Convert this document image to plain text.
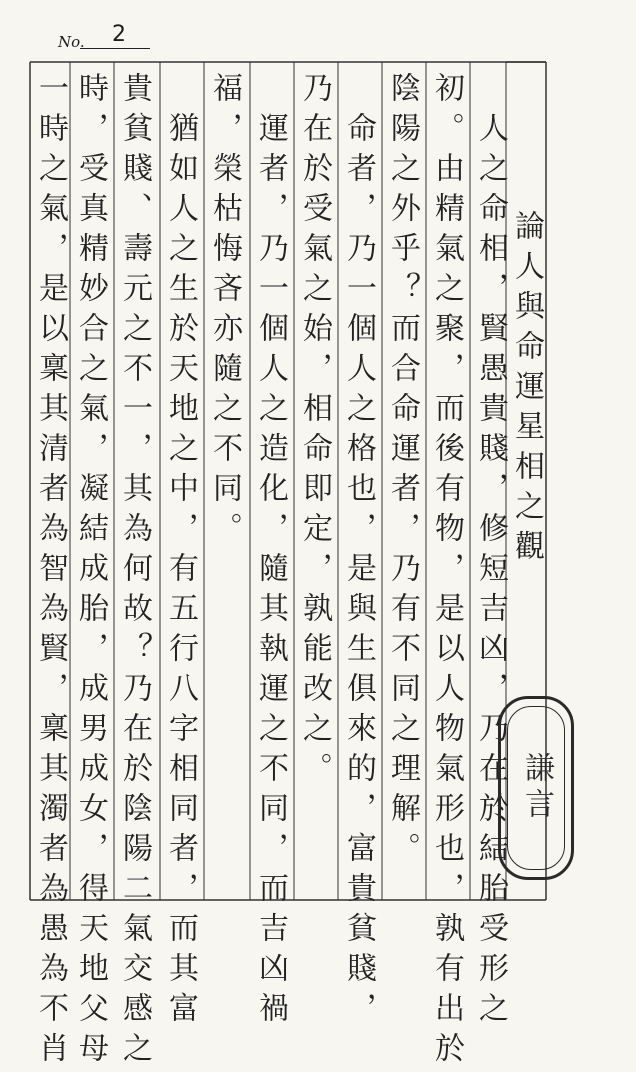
No. 2
論人與命運星相之觀
　人之命相，賢愚貴賤，修短吉凶，乃在於結胎受形之
初。由精氣之聚，而後有物，是以人物氣形也，孰有出於
陰陽之外乎？而合命運者，乃有不同之理解。
　命者，乃一個人之格也，是與生俱來的，富貴貧賤，
乃在於受氣之始，相命即定，孰能改之。
　運者，乃一個人之造化，隨其執運之不同，而吉凶禍
福，榮枯悔吝亦隨之不同。
　猶如人之生於天地之中，有五行八字相同者，而其富
貴貧賤、壽元之不一，其為何故？乃在於陰陽二氣交感之
時，受真精妙合之氣，凝結成胎，成男成女，得天地父母
一時之氣，是以稟其清者為智為賢，稟其濁者為愚為不肖	謙言
